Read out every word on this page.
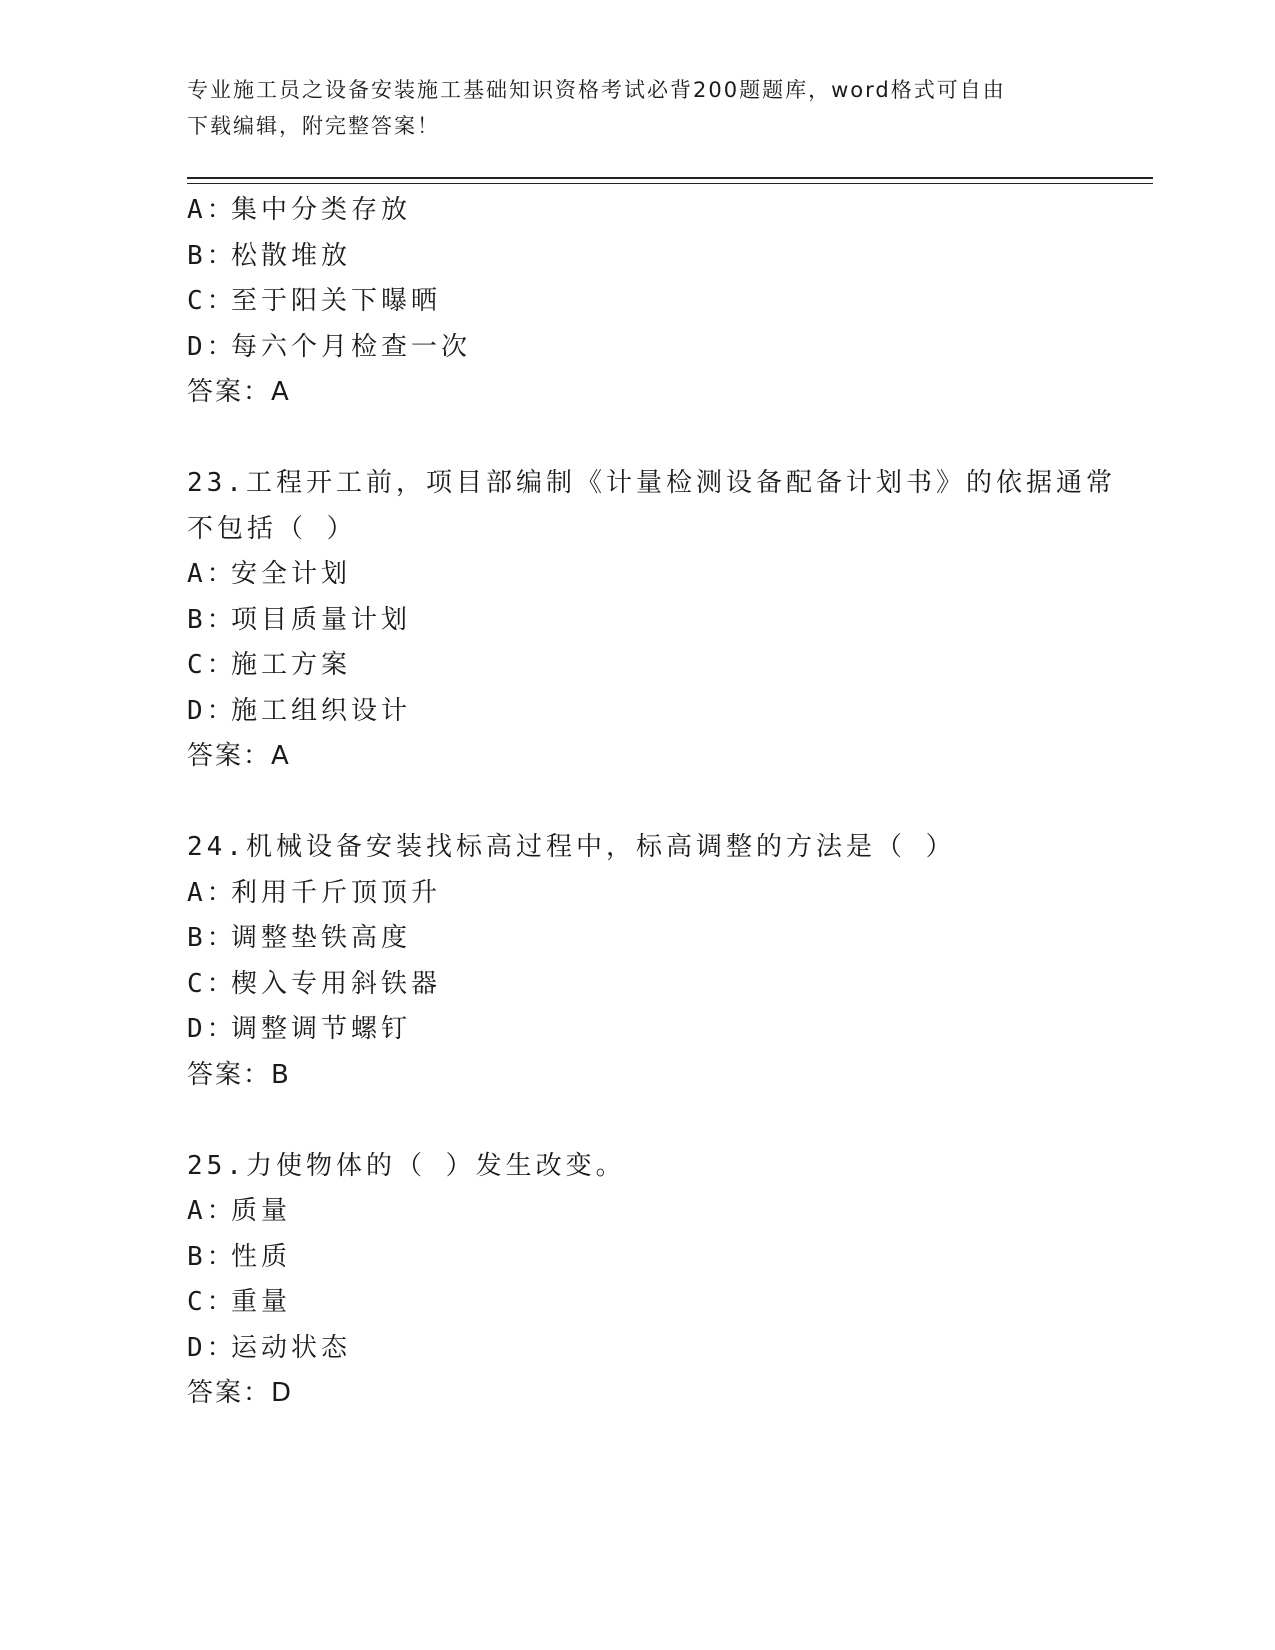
专业施工员之设备安装施工基础知识资格考试必背200题题库，word格式可自由
下载编辑，附完整答案！
A：集中分类存放
B：松散堆放
C：至于阳关下曝晒
D：每六个月检查一次
答案：A
23.工程开工前，项目部编制《计量检测设备配备计划书》的依据通常
不包括（ ）
A：安全计划
B：项目质量计划
C：施工方案
D：施工组织设计
答案：A
24.机械设备安装找标高过程中，标高调整的方法是（ ）
A：利用千斤顶顶升
B：调整垫铁高度
C：楔入专用斜铁器
D：调整调节螺钉
答案：B
25.力使物体的（ ）发生改变。
A：质量
B：性质
C：重量
D：运动状态
答案：D
